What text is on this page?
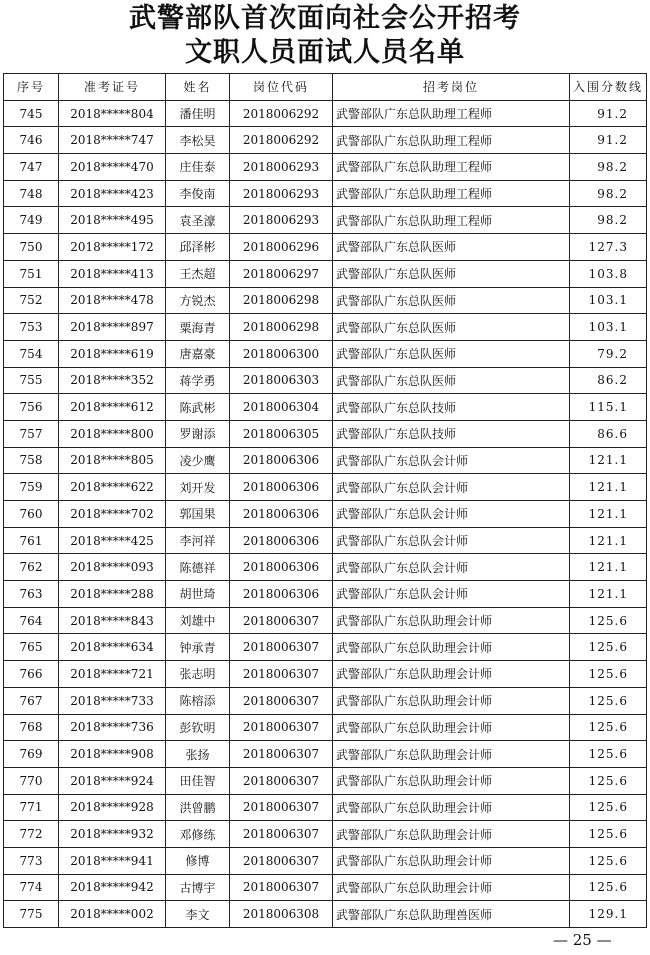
武警部队首次面向社会公开招考
文职人员面试人员名单
序号	准考证号	姓名	岗位代码	招考岗位	入围分数线
745	2018*****804	潘佳明	2018006292	武警部队广东总队助理工程师	91.2
746	2018*****747	李松昊	2018006292	武警部队广东总队助理工程师	91.2
747	2018*****470	庄佳泰	2018006293	武警部队广东总队助理工程师	98.2
748	2018*****423	李俊南	2018006293	武警部队广东总队助理工程师	98.2
749	2018*****495	袁圣濠	2018006293	武警部队广东总队助理工程师	98.2
750	2018*****172	邱泽彬	2018006296	武警部队广东总队医师	127.3
751	2018*****413	王杰超	2018006297	武警部队广东总队医师	103.8
752	2018*****478	方锐杰	2018006298	武警部队广东总队医师	103.1
753	2018*****897	粟海青	2018006298	武警部队广东总队医师	103.1
754	2018*****619	唐嘉豪	2018006300	武警部队广东总队医师	79.2
755	2018*****352	蒋学勇	2018006303	武警部队广东总队医师	86.2
756	2018*****612	陈武彬	2018006304	武警部队广东总队技师	115.1
757	2018*****800	罗谢添	2018006305	武警部队广东总队技师	86.6
758	2018*****805	凌少鹰	2018006306	武警部队广东总队会计师	121.1
759	2018*****622	刘开发	2018006306	武警部队广东总队会计师	121.1
760	2018*****702	郭国果	2018006306	武警部队广东总队会计师	121.1
761	2018*****425	李河祥	2018006306	武警部队广东总队会计师	121.1
762	2018*****093	陈德祥	2018006306	武警部队广东总队会计师	121.1
763	2018*****288	胡世琦	2018006306	武警部队广东总队会计师	121.1
764	2018*****843	刘雄中	2018006307	武警部队广东总队助理会计师	125.6
765	2018*****634	钟承青	2018006307	武警部队广东总队助理会计师	125.6
766	2018*****721	张志明	2018006307	武警部队广东总队助理会计师	125.6
767	2018*****733	陈榕添	2018006307	武警部队广东总队助理会计师	125.6
768	2018*****736	彭钦明	2018006307	武警部队广东总队助理会计师	125.6
769	2018*****908	张扬	2018006307	武警部队广东总队助理会计师	125.6
770	2018*****924	田佳智	2018006307	武警部队广东总队助理会计师	125.6
771	2018*****928	洪曾鹏	2018006307	武警部队广东总队助理会计师	125.6
772	2018*****932	邓修练	2018006307	武警部队广东总队助理会计师	125.6
773	2018*****941	修博	2018006307	武警部队广东总队助理会计师	125.6
774	2018*****942	古博宇	2018006307	武警部队广东总队助理会计师	125.6
775	2018*****002	李文	2018006308	武警部队广东总队助理兽医师	129.1
— 25 —
